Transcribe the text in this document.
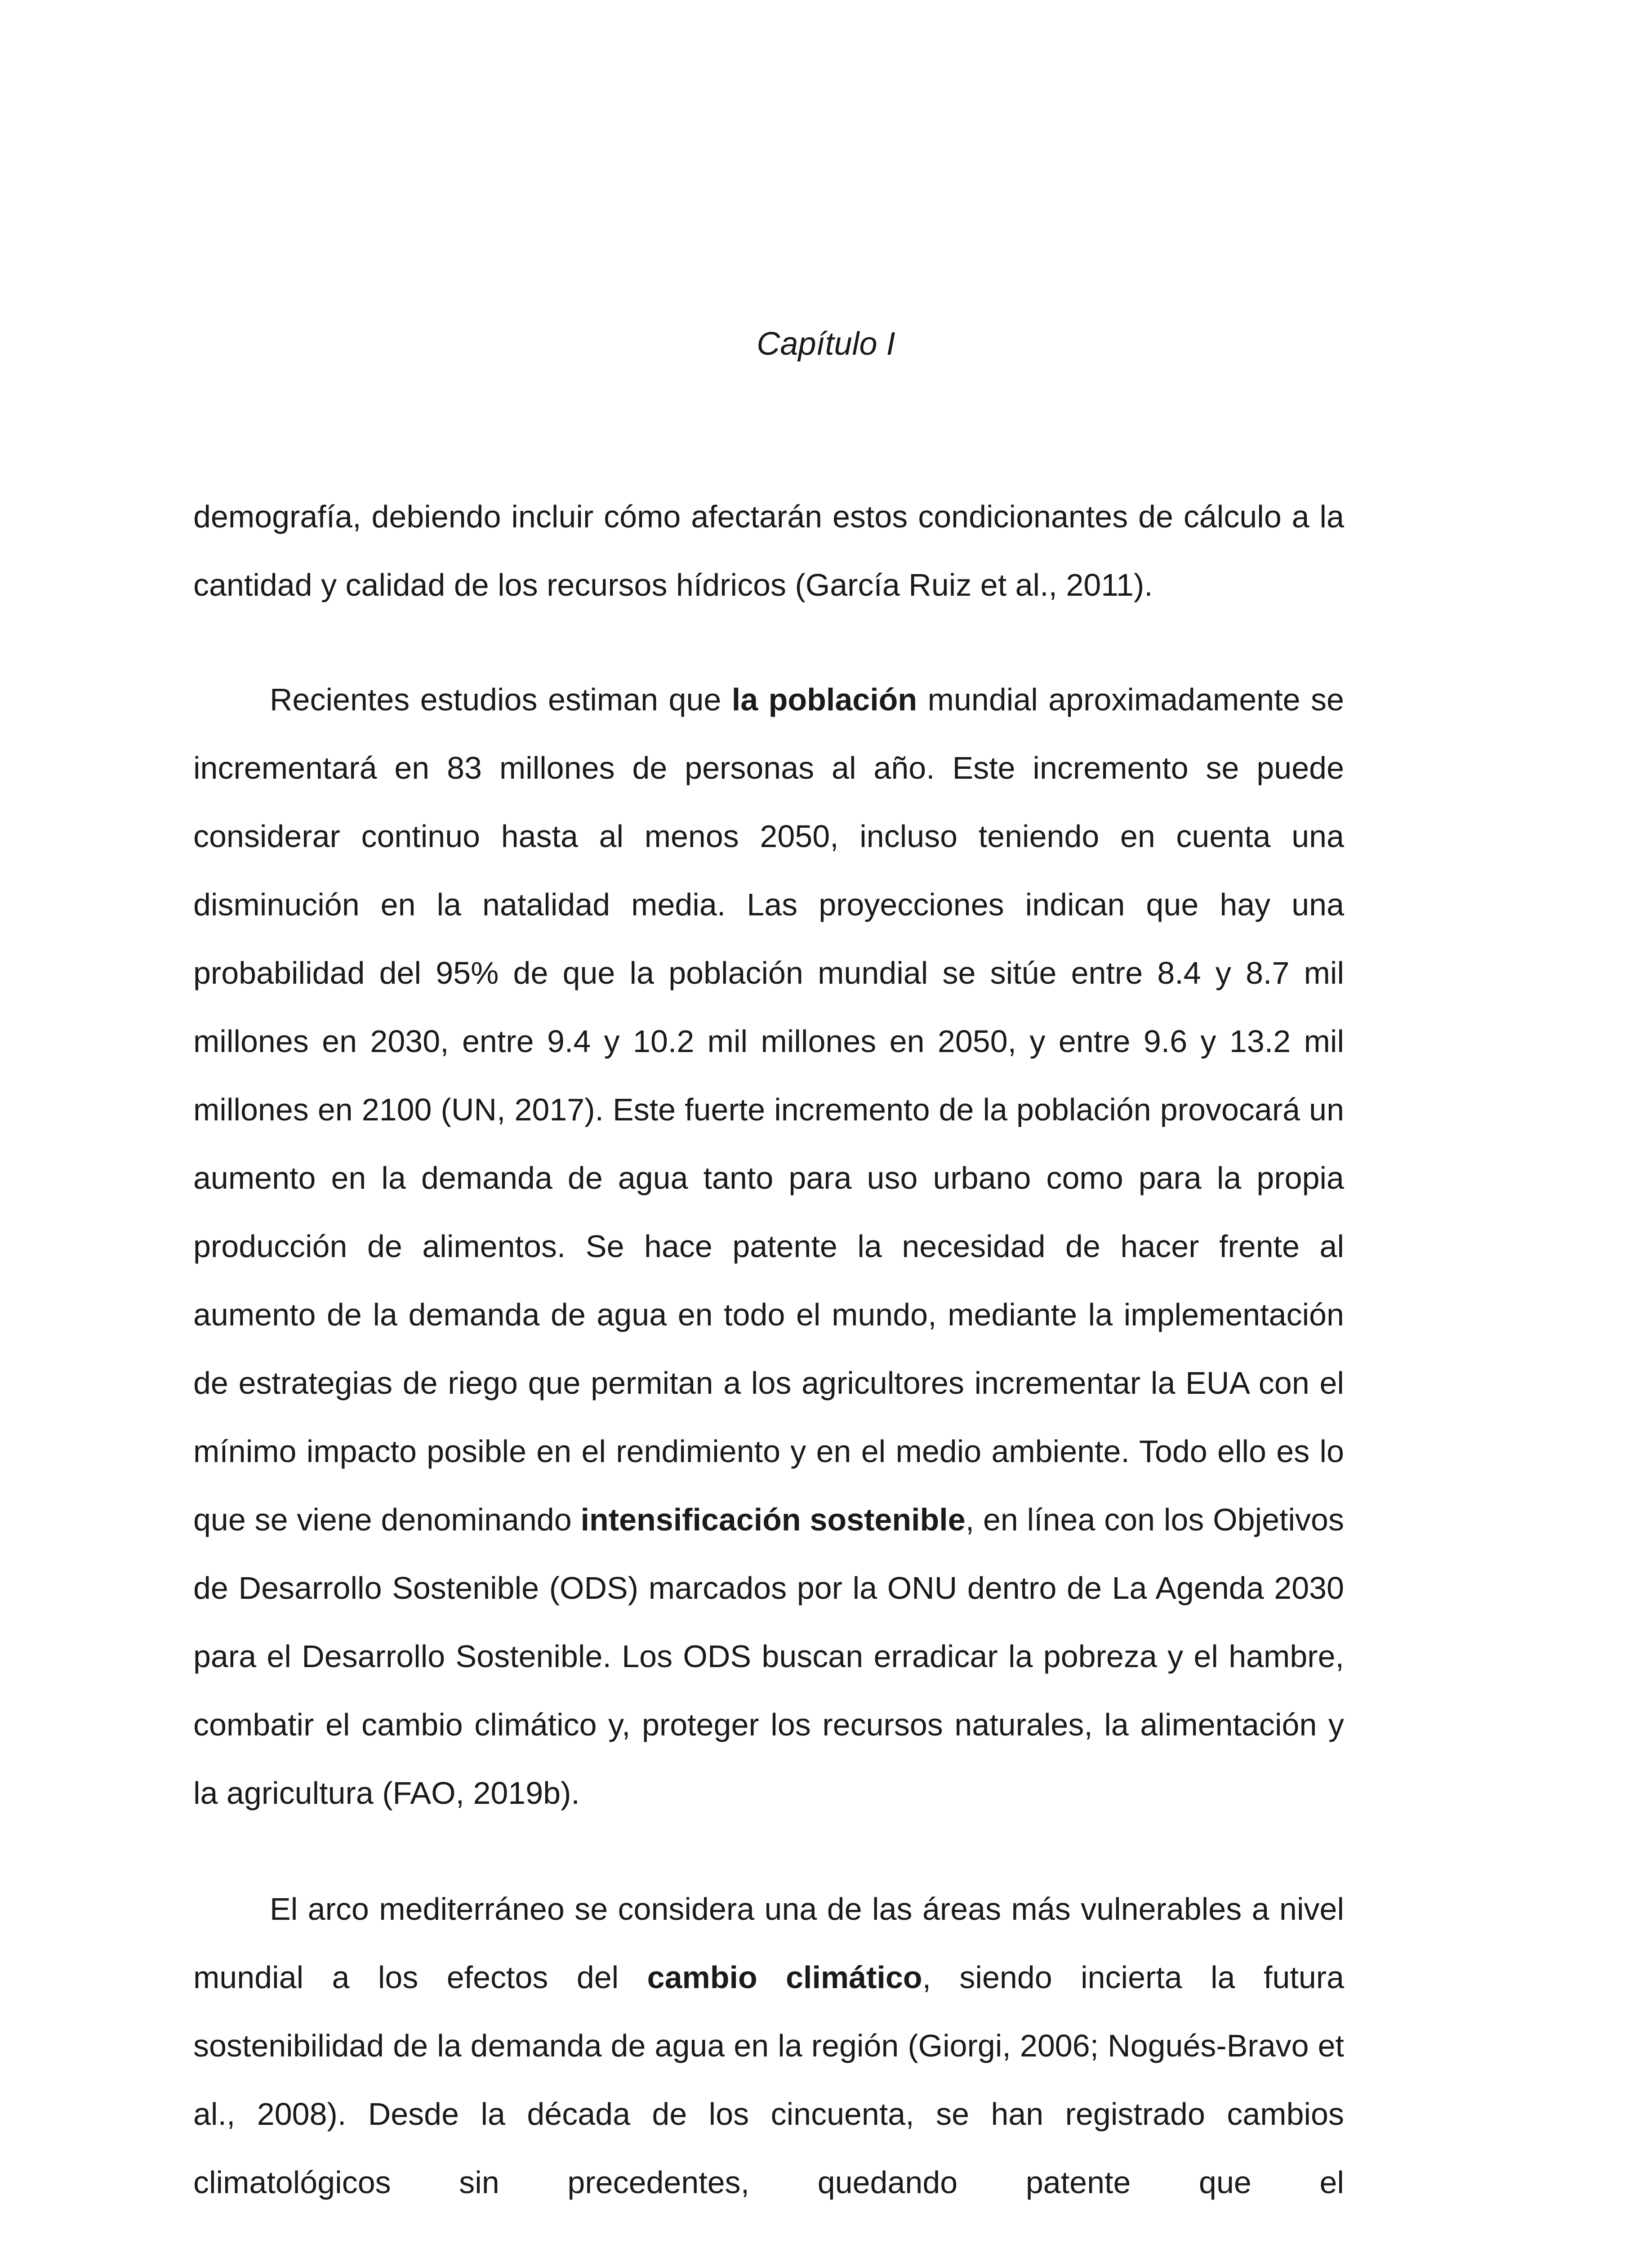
Capítulo I

demografía, debiendo incluir cómo afectarán estos condicionantes de cálculo a la cantidad y calidad de los recursos hídricos (García Ruiz et al., 2011).

Recientes estudios estiman que la población mundial aproximadamente se incrementará en 83 millones de personas al año. Este incremento se puede considerar continuo hasta al menos 2050, incluso teniendo en cuenta una disminución en la natalidad media. Las proyecciones indican que hay una probabilidad del 95% de que la población mundial se sitúe entre 8.4 y 8.7 mil millones en 2030, entre 9.4 y 10.2 mil millones en 2050, y entre 9.6 y 13.2 mil millones en 2100 (UN, 2017). Este fuerte incremento de la población provocará un aumento en la demanda de agua tanto para uso urbano como para la propia producción de alimentos. Se hace patente la necesidad de hacer frente al aumento de la demanda de agua en todo el mundo, mediante la implementación de estrategias de riego que permitan a los agricultores incrementar la EUA con el mínimo impacto posible en el rendimiento y en el medio ambiente. Todo ello es lo que se viene denominando intensificación sostenible, en línea con los Objetivos de Desarrollo Sostenible (ODS) marcados por la ONU dentro de La Agenda 2030 para el Desarrollo Sostenible. Los ODS buscan erradicar la pobreza y el hambre, combatir el cambio climático y, proteger los recursos naturales, la alimentación y la agricultura (FAO, 2019b).

El arco mediterráneo se considera una de las áreas más vulnerables a nivel mundial a los efectos del cambio climático, siendo incierta la futura sostenibilidad de la demanda de agua en la región (Giorgi, 2006; Nogués-Bravo et al., 2008). Desde la década de los cincuenta, se han registrado cambios climatológicos sin precedentes, quedando patente que el
